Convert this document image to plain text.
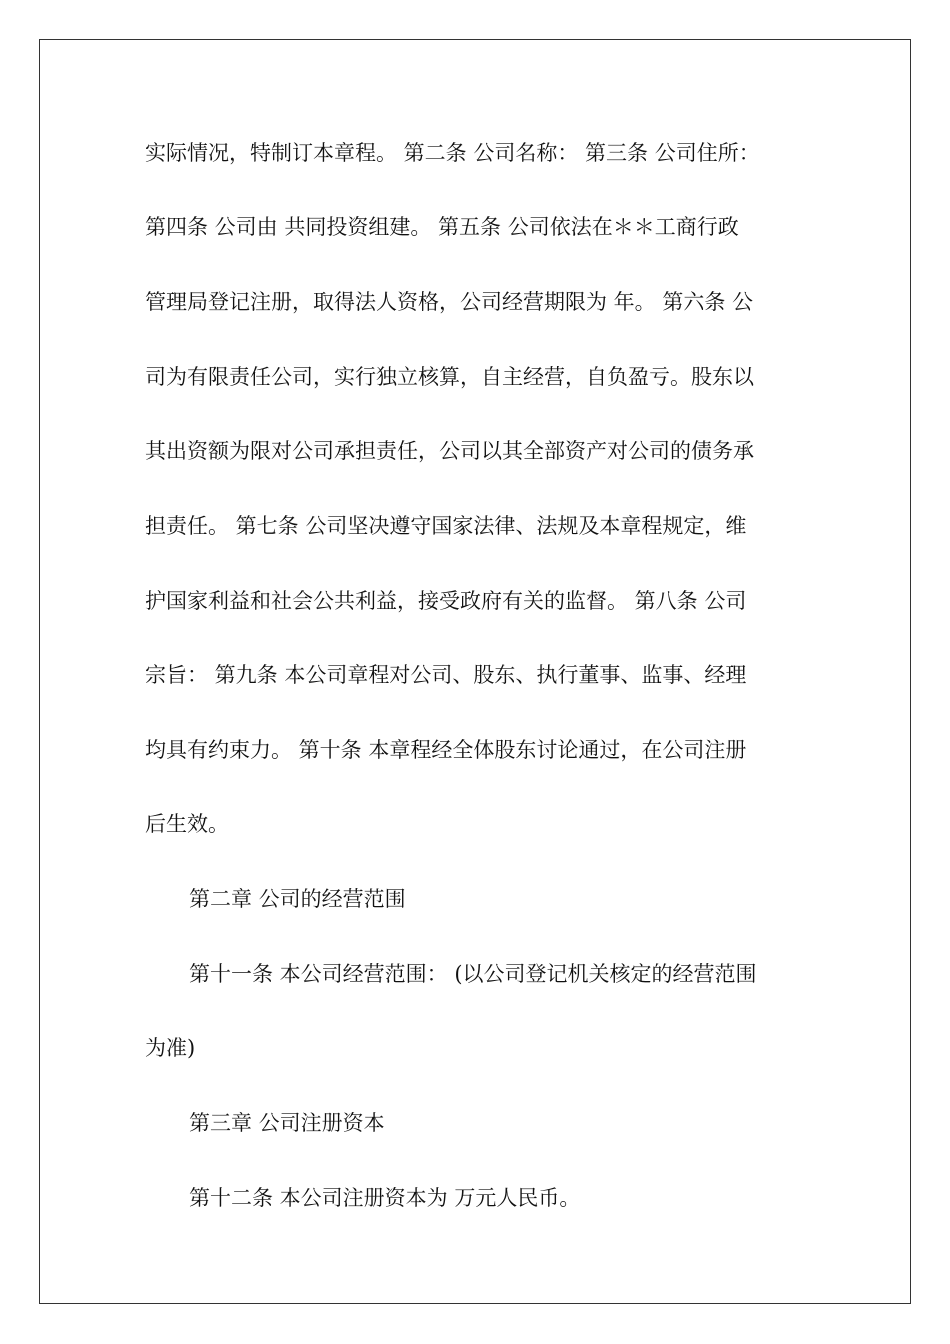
实际情况，特制订本章程。 第二条 公司名称： 第三条 公司住所：

第四条 公司由 共同投资组建。 第五条 公司依法在＊＊工商行政

管理局登记注册，取得法人资格，公司经营期限为 年。 第六条 公

司为有限责任公司，实行独立核算，自主经营，自负盈亏。股东以

其出资额为限对公司承担责任，公司以其全部资产对公司的债务承

担责任。 第七条 公司坚决遵守国家法律、法规及本章程规定，维

护国家利益和社会公共利益，接受政府有关的监督。 第八条 公司

宗旨： 第九条 本公司章程对公司、股东、执行董事、监事、经理

均具有约束力。 第十条 本章程经全体股东讨论通过，在公司注册

后生效。

第二章 公司的经营范围

第十一条 本公司经营范围： (以公司登记机关核定的经营范围

为准)

第三章 公司注册资本

第十二条 本公司注册资本为 万元人民币。
